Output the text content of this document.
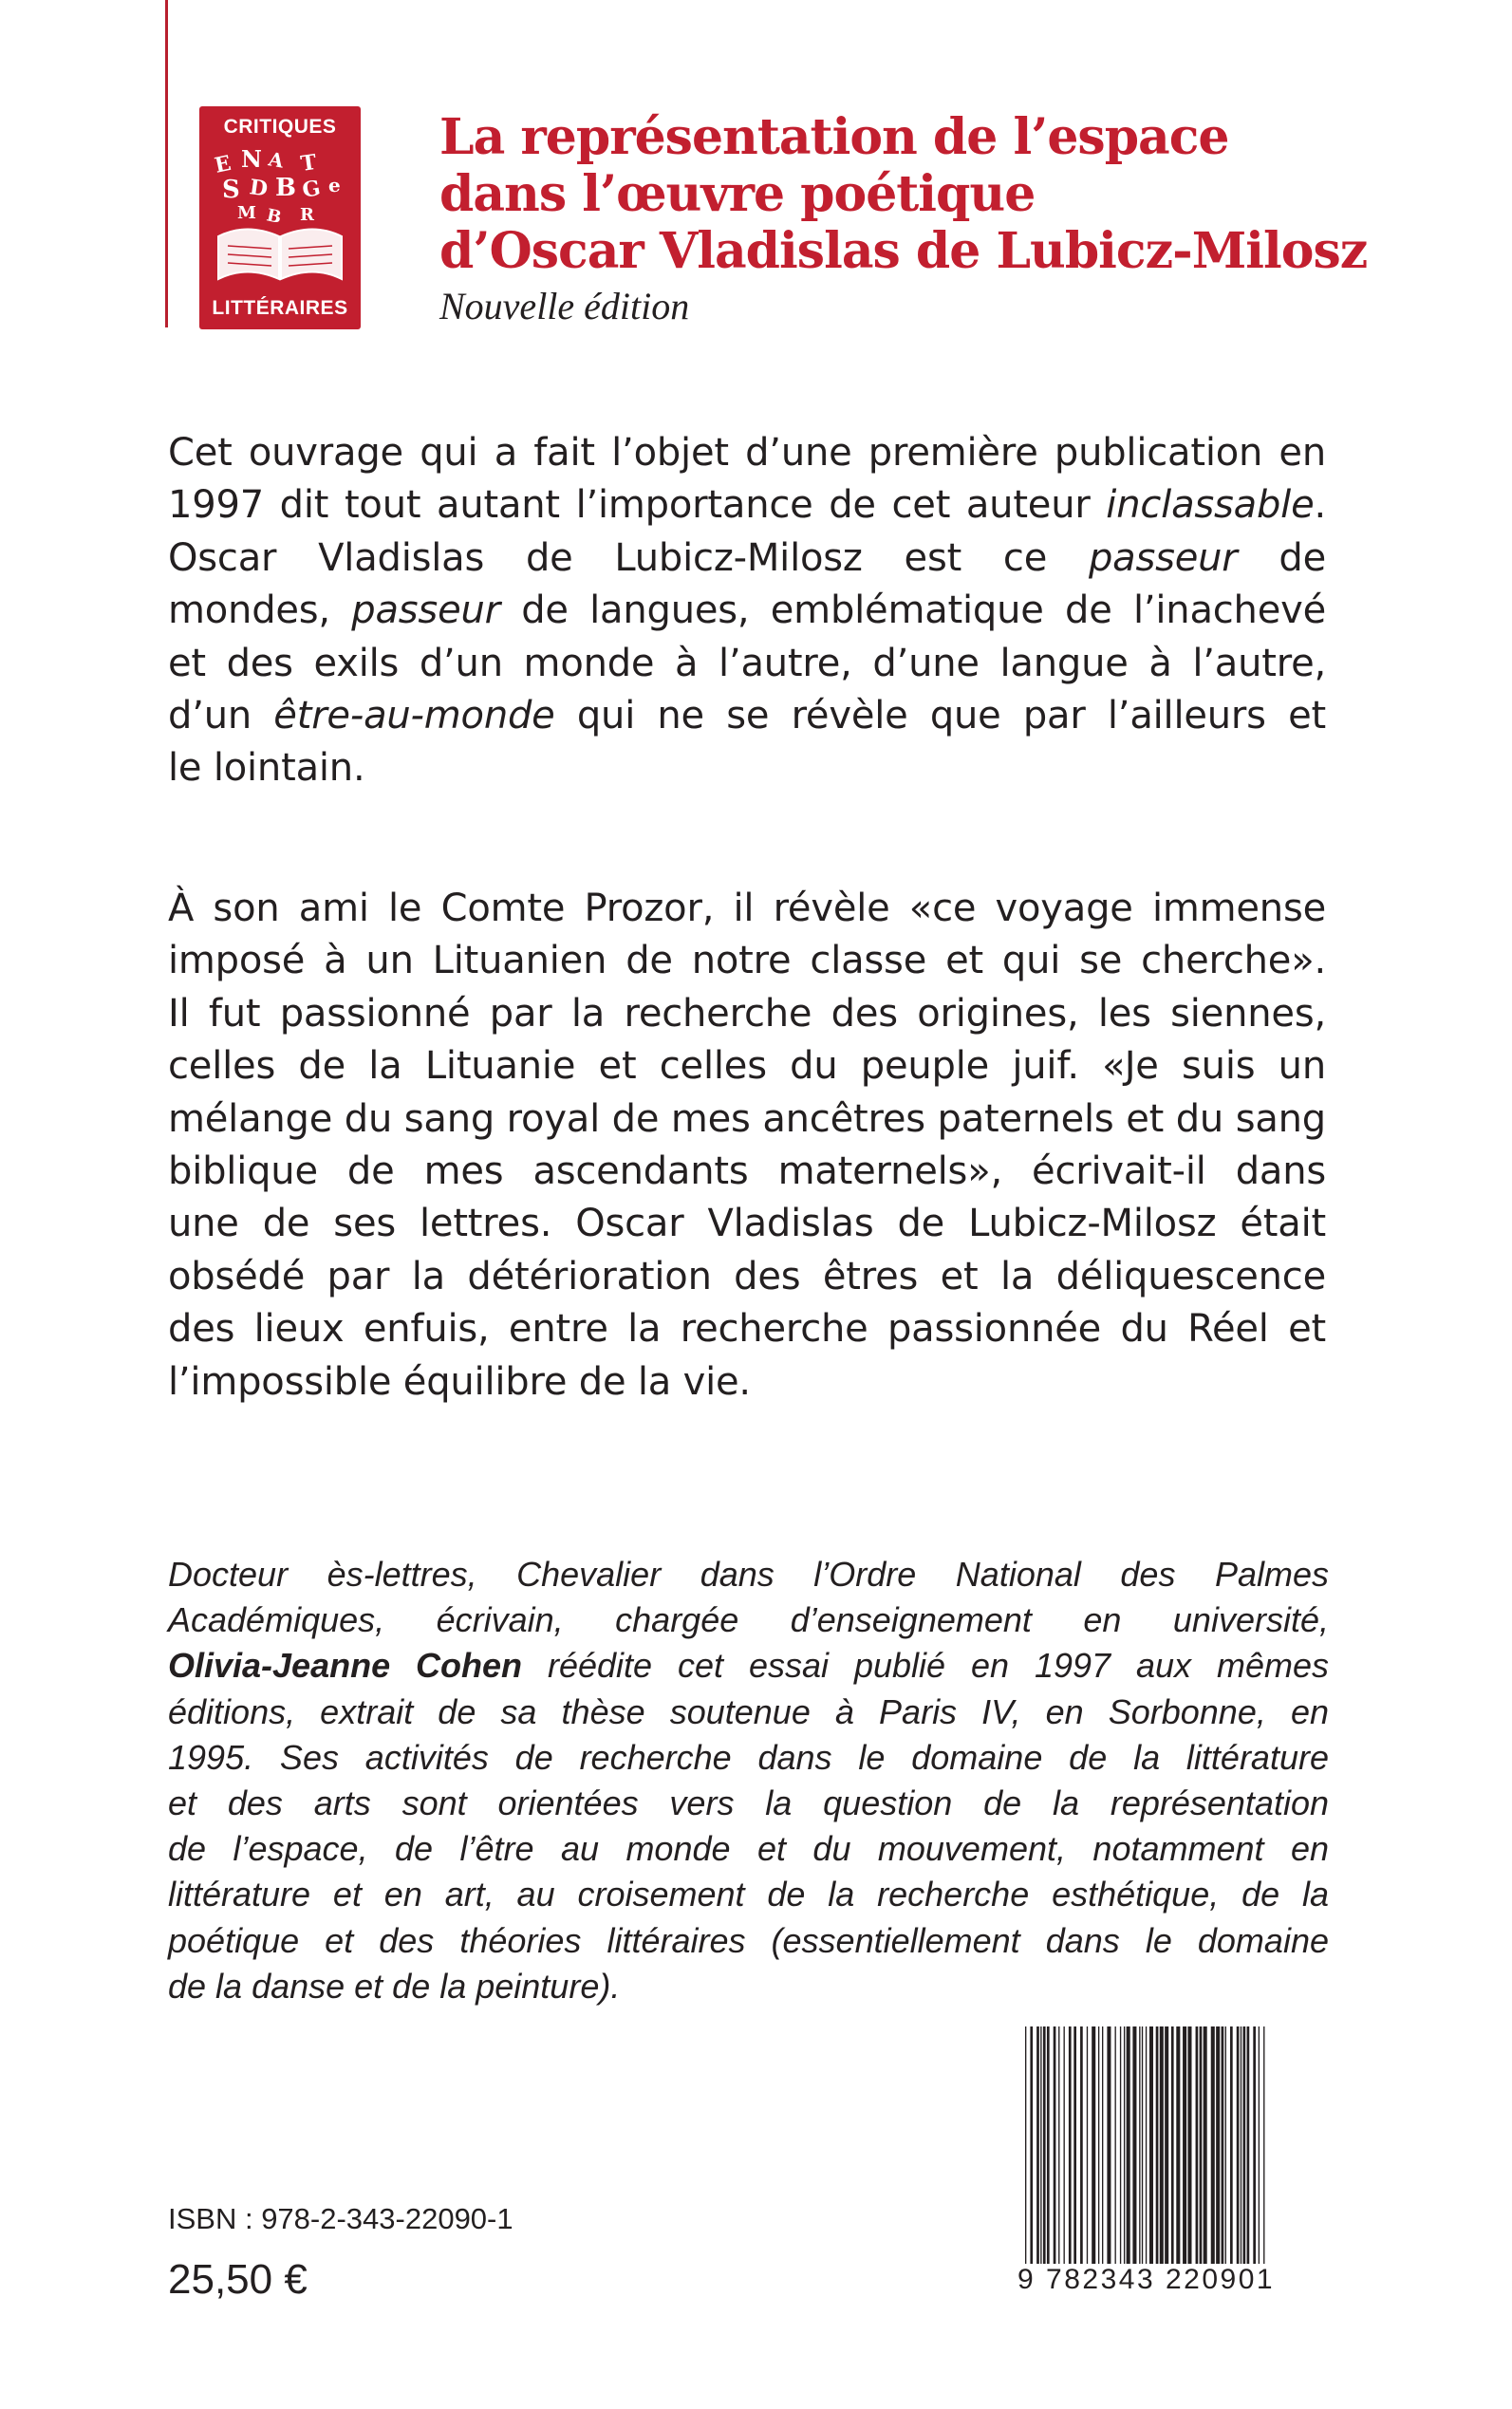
CRITIQUES
E N A T
S D B G e
M B R
LITTÉRAIRES
La représentation de l’espace
dans l’œuvre poétique
d’Oscar Vladislas de Lubicz-Milosz
Nouvelle édition
Cet ouvrage qui a fait l’objet d’une première publication en
1997 dit tout autant l’importance de cet auteur inclassable.
Oscar Vladislas de Lubicz-Milosz est ce passeur de
mondes, passeur de langues, emblématique de l’inachevé
et des exils d’un monde à l’autre, d’une langue à l’autre,
d’un être-au-monde qui ne se révèle que par l’ailleurs et
le lointain.
À son ami le Comte Prozor, il révèle «ce voyage immense
imposé à un Lituanien de notre classe et qui se cherche».
Il fut passionné par la recherche des origines, les siennes,
celles de la Lituanie et celles du peuple juif. «Je suis un
mélange du sang royal de mes ancêtres paternels et du sang
biblique de mes ascendants maternels», écrivait-il dans
une de ses lettres. Oscar Vladislas de Lubicz-Milosz était
obsédé par la détérioration des êtres et la déliquescence
des lieux enfuis, entre la recherche passionnée du Réel et
l’impossible équilibre de la vie.
Docteur ès-lettres, Chevalier dans l’Ordre National des Palmes
Académiques, écrivain, chargée d’enseignement en université,
Olivia-Jeanne Cohen réédite cet essai publié en 1997 aux mêmes
éditions, extrait de sa thèse soutenue à Paris IV, en Sorbonne, en
1995. Ses activités de recherche dans le domaine de la littérature
et des arts sont orientées vers la question de la représentation
de l’espace, de l’être au monde et du mouvement, notamment en
littérature et en art, au croisement de la recherche esthétique, de la
poétique et des théories littéraires (essentiellement dans le domaine
de la danse et de la peinture).
ISBN : 978-2-343-22090-1
25,50 €	9 782343 220901
